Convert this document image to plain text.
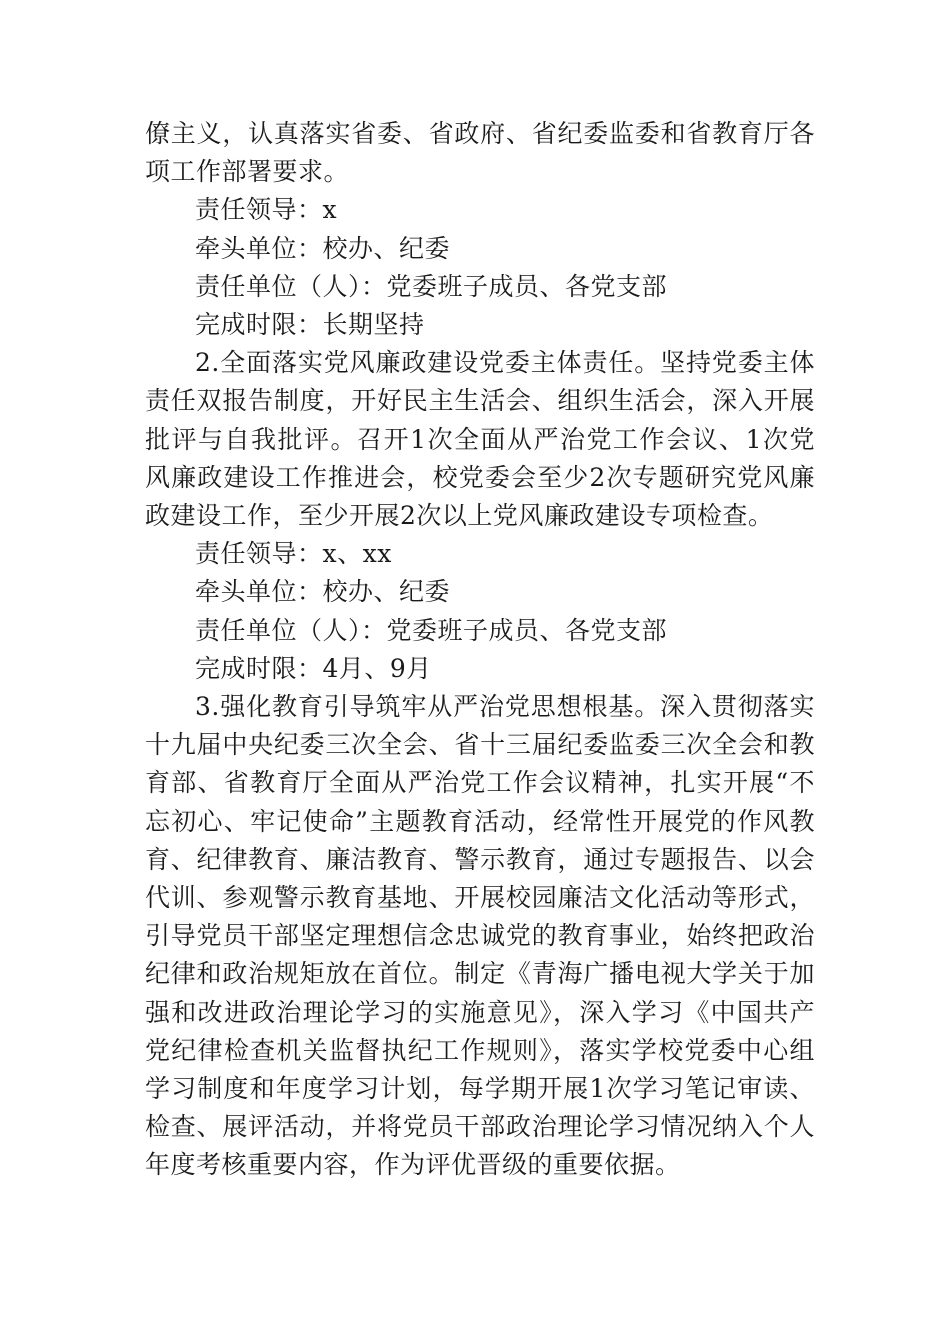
僚主义，认真落实省委、省政府、省纪委监委和省教育厅各项工作部署要求。

责任领导：x

牵头单位：校办、纪委

责任单位（人）：党委班子成员、各党支部

完成时限：长期坚持

2.全面落实党风廉政建设党委主体责任。坚持党委主体责任双报告制度，开好民主生活会、组织生活会，深入开展批评与自我批评。召开1次全面从严治党工作会议、1次党风廉政建设工作推进会，校党委会至少2次专题研究党风廉政建设工作，至少开展2次以上党风廉政建设专项检查。

责任领导：x、xx

牵头单位：校办、纪委

责任单位（人）：党委班子成员、各党支部

完成时限：4月、9月

3.强化教育引导筑牢从严治党思想根基。深入贯彻落实十九届中央纪委三次全会、省十三届纪委监委三次全会和教育部、省教育厅全面从严治党工作会议精神，扎实开展“不忘初心、牢记使命”主题教育活动，经常性开展党的作风教育、纪律教育、廉洁教育、警示教育，通过专题报告、以会代训、参观警示教育基地、开展校园廉洁文化活动等形式，引导党员干部坚定理想信念忠诚党的教育事业，始终把政治纪律和政治规矩放在首位。制定《青海广播电视大学关于加强和改进政治理论学习的实施意见》，深入学习《中国共产党纪律检查机关监督执纪工作规则》，落实学校党委中心组学习制度和年度学习计划，每学期开展1次学习笔记审读、检查、展评活动，并将党员干部政治理论学习情况纳入个人年度考核重要内容，作为评优晋级的重要依据。
